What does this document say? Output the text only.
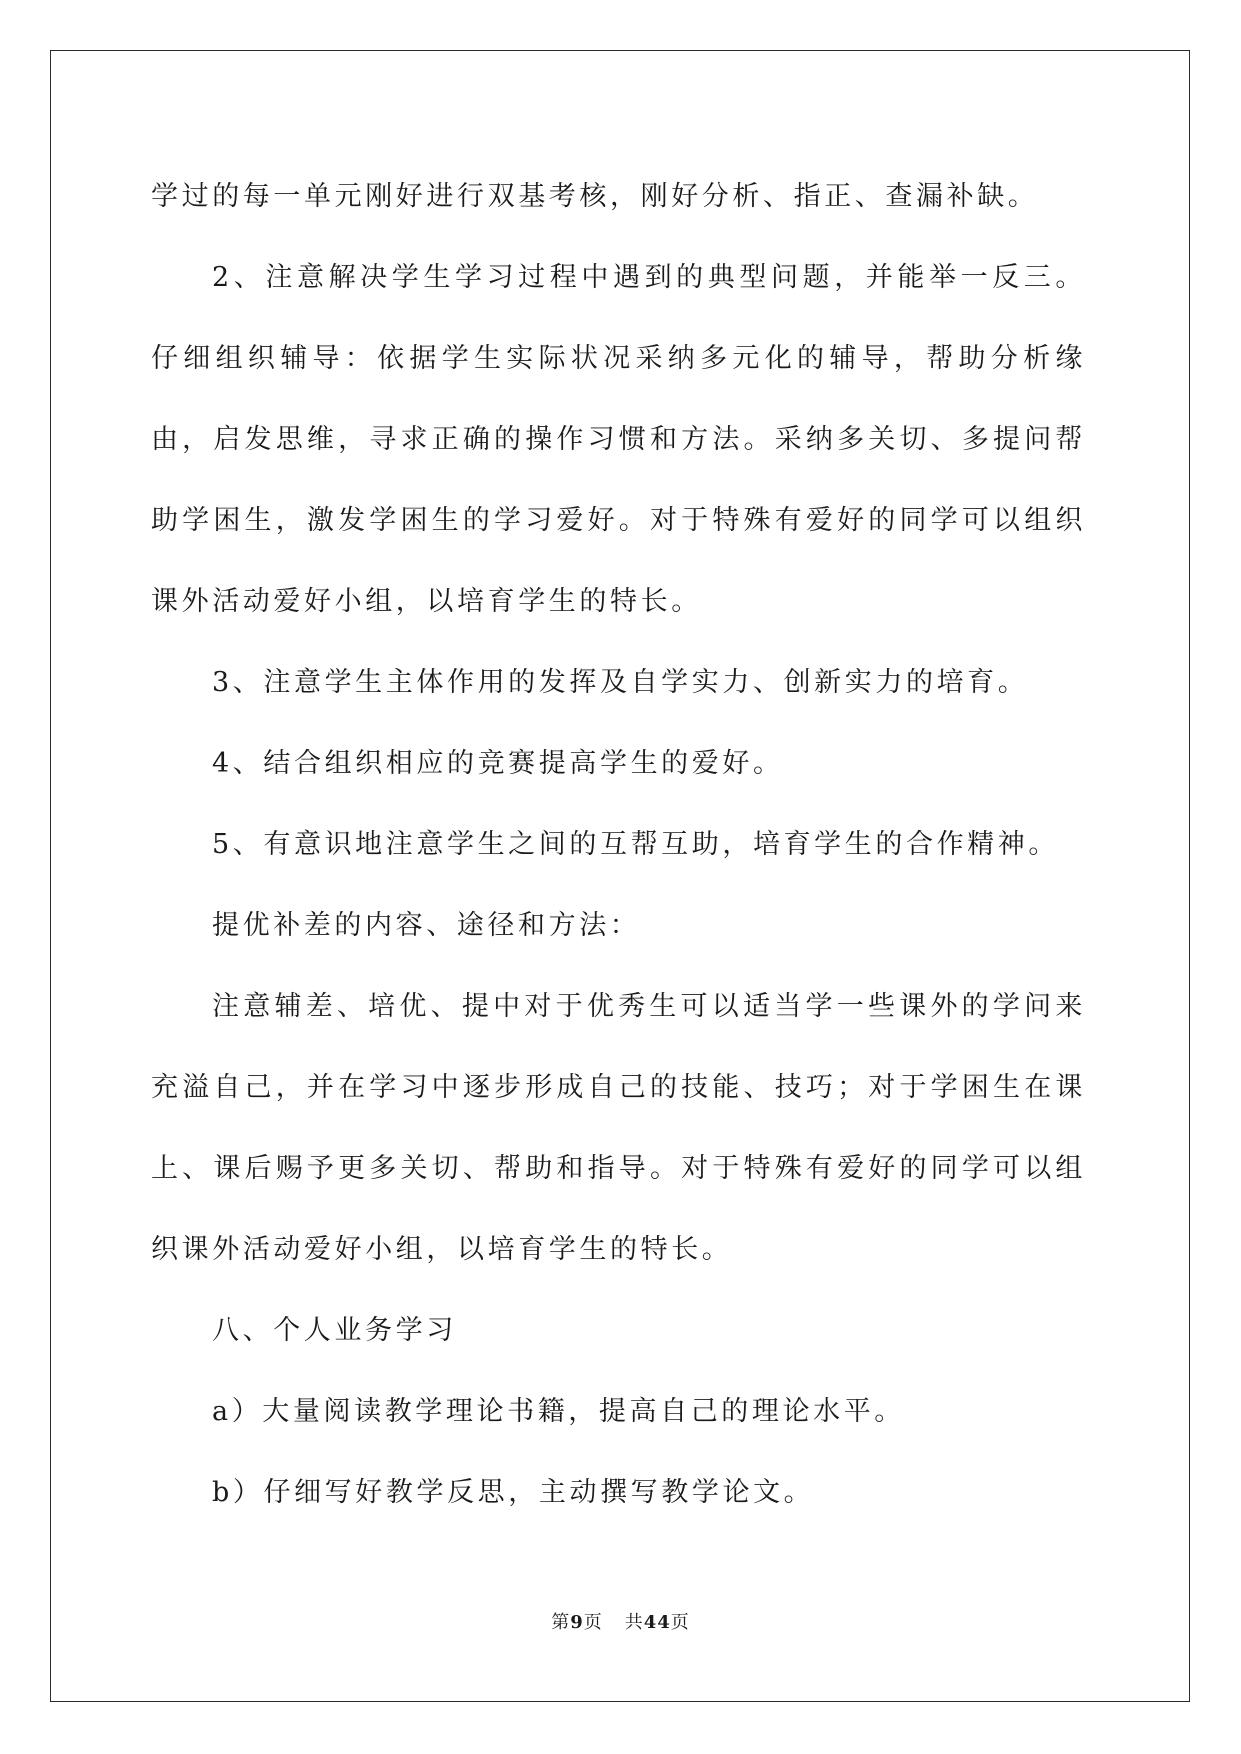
学过的每一单元刚好进行双基考核，刚好分析、指正、查漏补缺。

2、注意解决学生学习过程中遇到的典型问题，并能举一反三。仔细组织辅导：依据学生实际状况采纳多元化的辅导，帮助分析缘由，启发思维，寻求正确的操作习惯和方法。采纳多关切、多提问帮助学困生，激发学困生的学习爱好。对于特殊有爱好的同学可以组织课外活动爱好小组，以培育学生的特长。

3、注意学生主体作用的发挥及自学实力、创新实力的培育。

4、结合组织相应的竞赛提高学生的爱好。

5、有意识地注意学生之间的互帮互助，培育学生的合作精神。

提优补差的内容、途径和方法：

注意辅差、培优、提中对于优秀生可以适当学一些课外的学问来充溢自己，并在学习中逐步形成自己的技能、技巧；对于学困生在课上、课后赐予更多关切、帮助和指导。对于特殊有爱好的同学可以组织课外活动爱好小组，以培育学生的特长。

八、个人业务学习

a）大量阅读教学理论书籍，提高自己的理论水平。

b）仔细写好教学反思，主动撰写教学论文。

第9页 共44页
